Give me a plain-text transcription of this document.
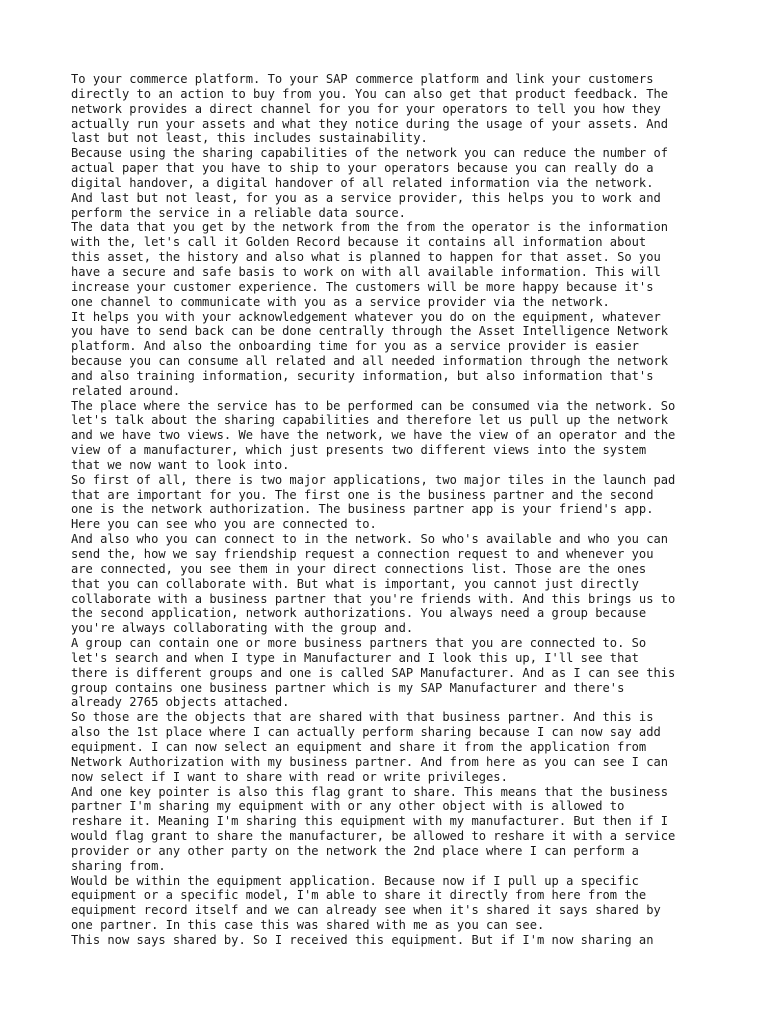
To your commerce platform. To your SAP commerce platform and link your customers
directly to an action to buy from you. You can also get that product feedback. The
network provides a direct channel for you for your operators to tell you how they
actually run your assets and what they notice during the usage of your assets. And
last but not least, this includes sustainability.
Because using the sharing capabilities of the network you can reduce the number of
actual paper that you have to ship to your operators because you can really do a
digital handover, a digital handover of all related information via the network.
And last but not least, for you as a service provider, this helps you to work and
perform the service in a reliable data source.
The data that you get by the network from the from the operator is the information
with the, let's call it Golden Record because it contains all information about
this asset, the history and also what is planned to happen for that asset. So you
have a secure and safe basis to work on with all available information. This will
increase your customer experience. The customers will be more happy because it's
one channel to communicate with you as a service provider via the network.
It helps you with your acknowledgement whatever you do on the equipment, whatever
you have to send back can be done centrally through the Asset Intelligence Network
platform. And also the onboarding time for you as a service provider is easier
because you can consume all related and all needed information through the network
and also training information, security information, but also information that's
related around.
The place where the service has to be performed can be consumed via the network. So
let's talk about the sharing capabilities and therefore let us pull up the network
and we have two views. We have the network, we have the view of an operator and the
view of a manufacturer, which just presents two different views into the system
that we now want to look into.
So first of all, there is two major applications, two major tiles in the launch pad
that are important for you. The first one is the business partner and the second
one is the network authorization. The business partner app is your friend's app.
Here you can see who you are connected to.
And also who you can connect to in the network. So who's available and who you can
send the, how we say friendship request a connection request to and whenever you
are connected, you see them in your direct connections list. Those are the ones
that you can collaborate with. But what is important, you cannot just directly
collaborate with a business partner that you're friends with. And this brings us to
the second application, network authorizations. You always need a group because
you're always collaborating with the group and.
A group can contain one or more business partners that you are connected to. So
let's search and when I type in Manufacturer and I look this up, I'll see that
there is different groups and one is called SAP Manufacturer. And as I can see this
group contains one business partner which is my SAP Manufacturer and there's
already 2765 objects attached.
So those are the objects that are shared with that business partner. And this is
also the 1st place where I can actually perform sharing because I can now say add
equipment. I can now select an equipment and share it from the application from
Network Authorization with my business partner. And from here as you can see I can
now select if I want to share with read or write privileges.
And one key pointer is also this flag grant to share. This means that the business
partner I'm sharing my equipment with or any other object with is allowed to
reshare it. Meaning I'm sharing this equipment with my manufacturer. But then if I
would flag grant to share the manufacturer, be allowed to reshare it with a service
provider or any other party on the network the 2nd place where I can perform a
sharing from.
Would be within the equipment application. Because now if I pull up a specific
equipment or a specific model, I'm able to share it directly from here from the
equipment record itself and we can already see when it's shared it says shared by
one partner. In this case this was shared with me as you can see.
This now says shared by. So I received this equipment. But if I'm now sharing an
